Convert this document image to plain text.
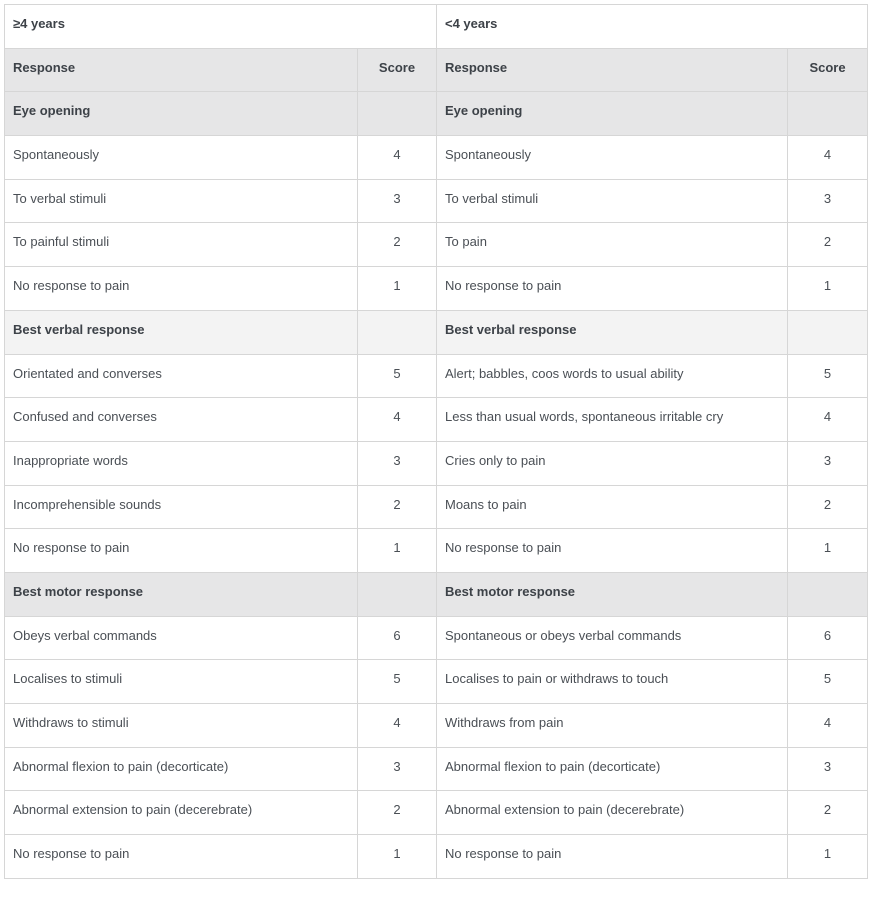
≥4 years		<4 years	
Response	Score	Response	Score
Eye opening		Eye opening	
Spontaneously	4	Spontaneously	4
To verbal stimuli	3	To verbal stimuli	3
To painful stimuli	2	To pain	2
No response to pain	1	No response to pain	1
Best verbal response		Best verbal response	
Orientated and converses	5	Alert; babbles, coos words to usual ability	5
Confused and converses	4	Less than usual words, spontaneous irritable cry	4
Inappropriate words	3	Cries only to pain	3
Incomprehensible sounds	2	Moans to pain	2
No response to pain	1	No response to pain	1
Best motor response		Best motor response	
Obeys verbal commands	6	Spontaneous or obeys verbal commands	6
Localises to stimuli	5	Localises to pain or withdraws to touch	5
Withdraws to stimuli	4	Withdraws from pain	4
Abnormal flexion to pain (decorticate)	3	Abnormal flexion to pain (decorticate)	3
Abnormal extension to pain (decerebrate)	2	Abnormal extension to pain (decerebrate)	2
No response to pain	1	No response to pain	1
